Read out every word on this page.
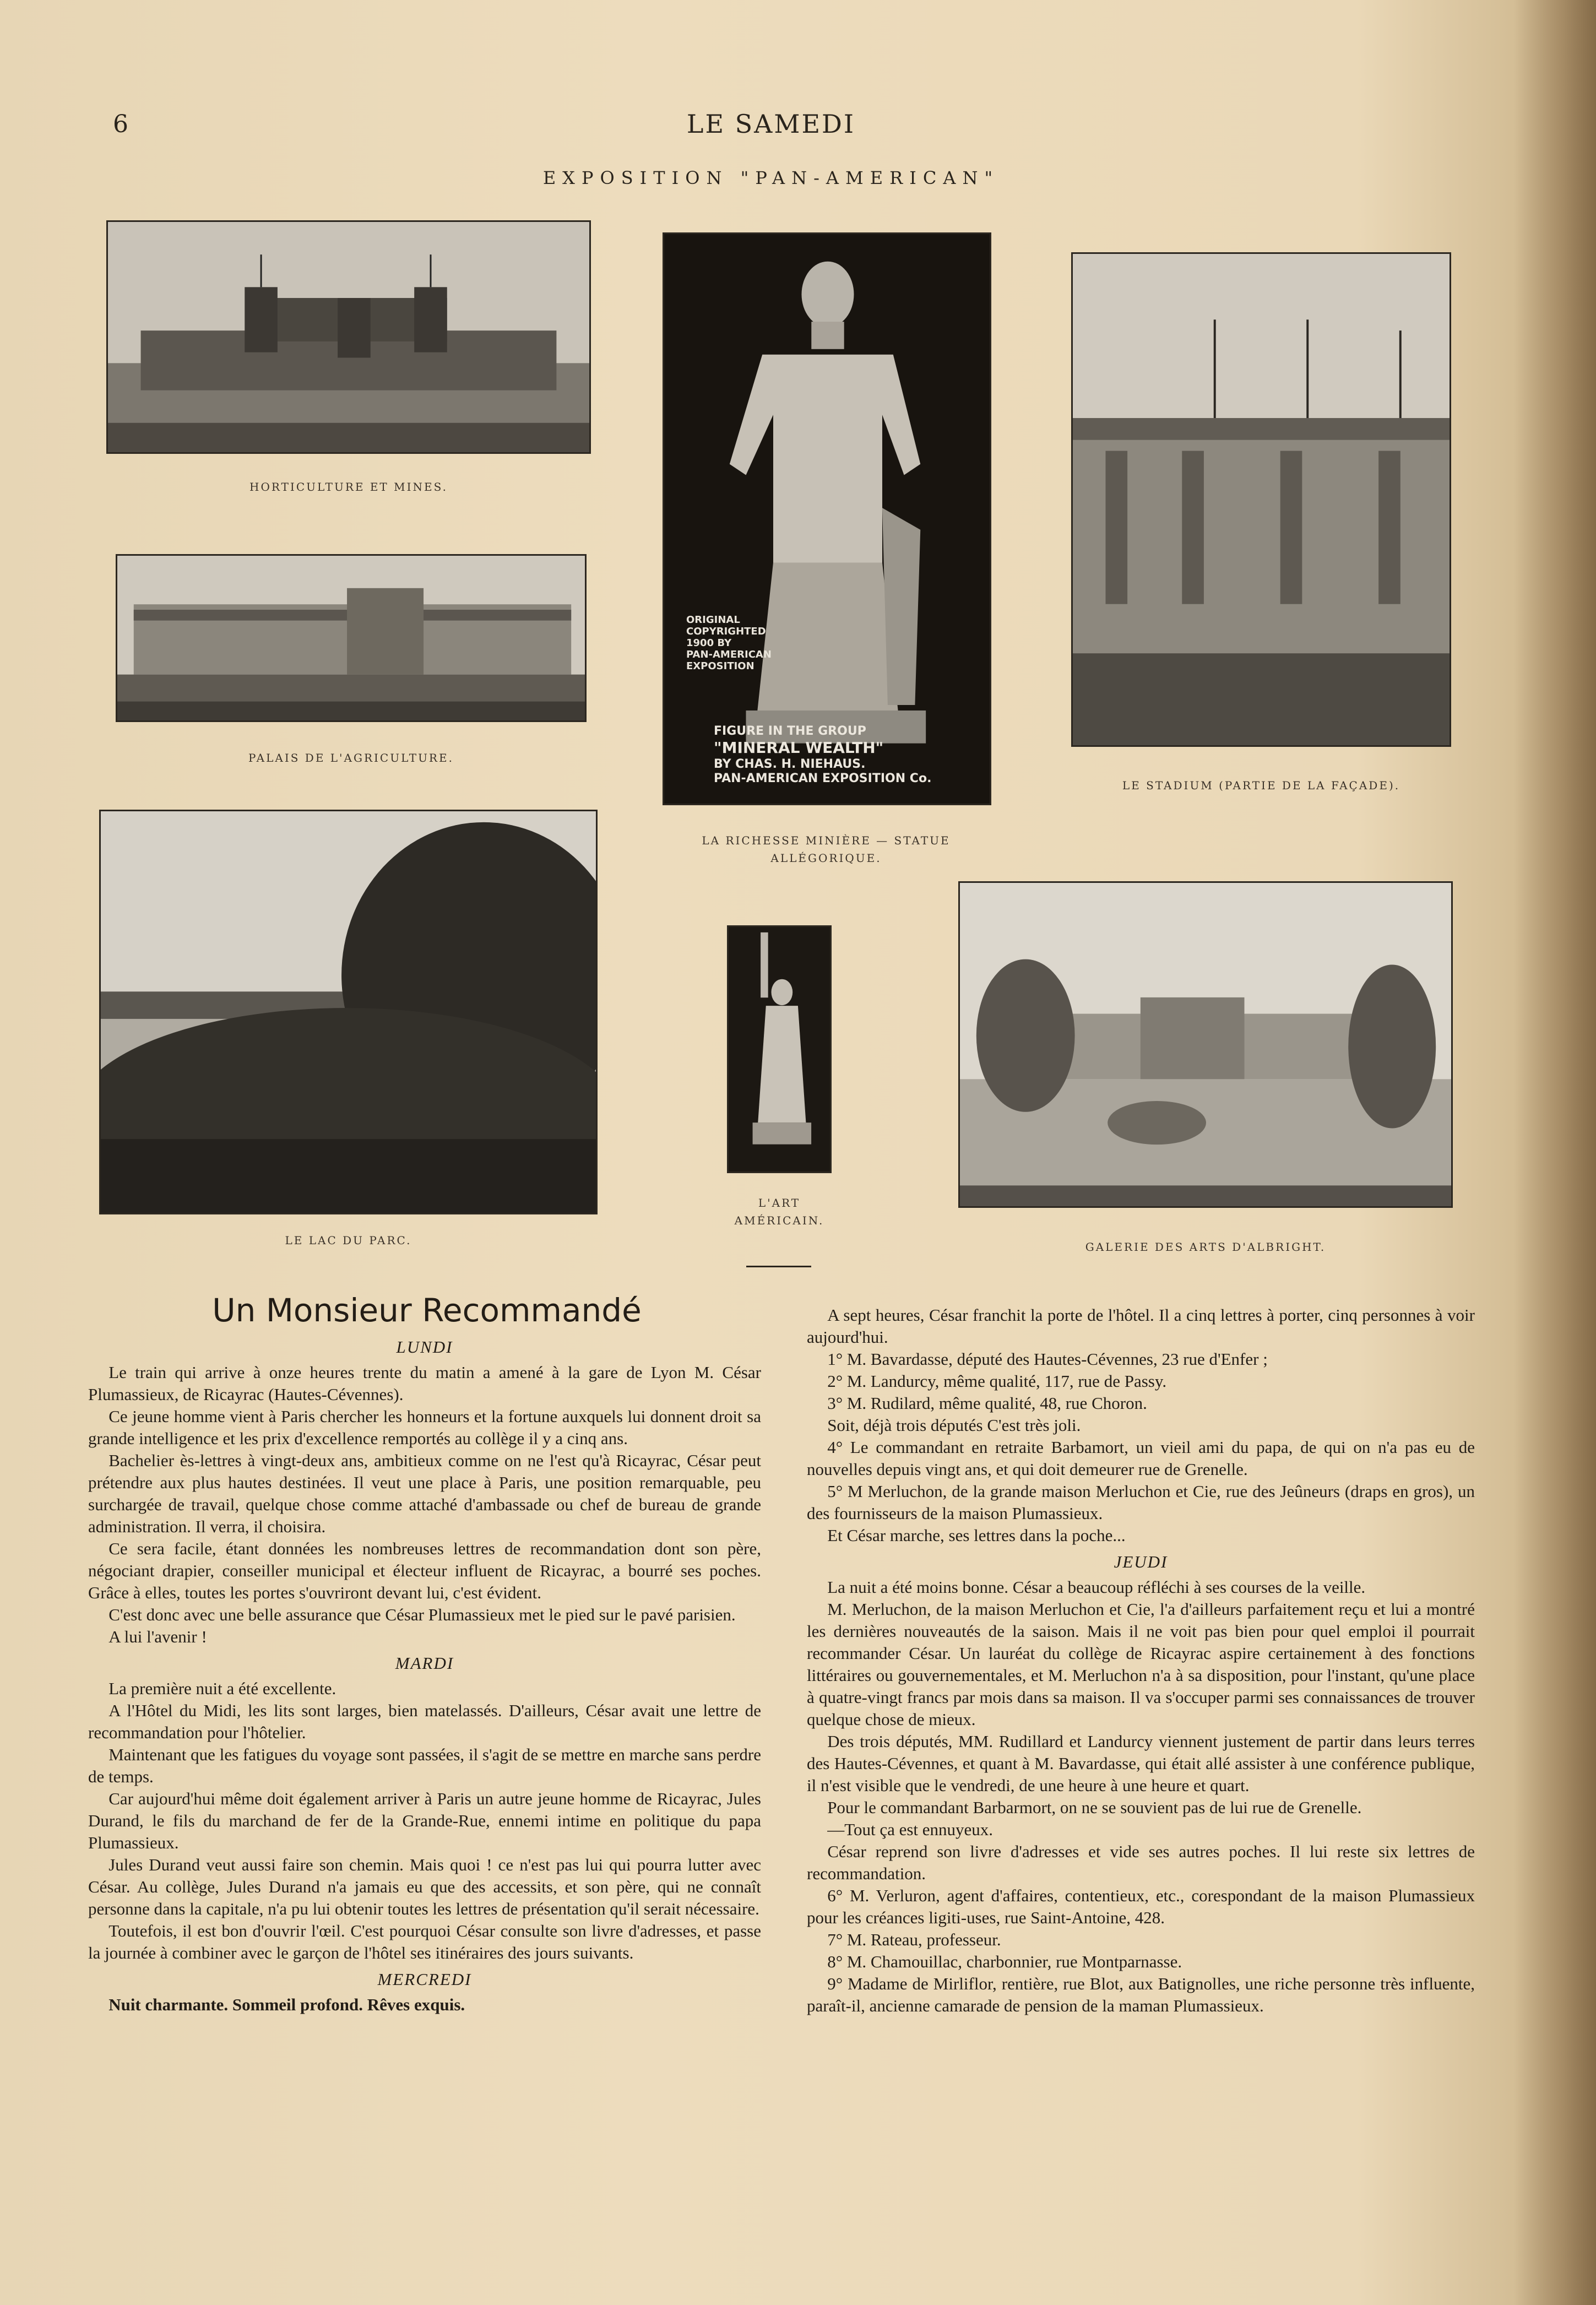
6	LE SAMEDI
EXPOSITION "PAN-AMERICAN"
HORTICULTURE ET MINES.
PALAIS DE L'AGRICULTURE.
ORIGINAL
COPYRIGHTED
1900 BY
PAN-AMERICAN
EXPOSITION
FIGURE IN THE GROUP
"MINERAL WEALTH"
BY CHAS. H. NIEHAUS.
PAN-AMERICAN EXPOSITION Co.
LA RICHESSE MINIÈRE — STATUE ALLÉGORIQUE.
LE STADIUM (PARTIE DE LA FAÇADE).
LE LAC DU PARC.
L'ART AMÉRICAIN.
GALERIE DES ARTS D'ALBRIGHT.
Un Monsieur Recommandé

LUNDI

Le train qui arrive à onze heures trente du matin a amené à la gare de Lyon M. César Plumassieux, de Ricayrac (Hautes-Cévennes).

Ce jeune homme vient à Paris chercher les honneurs et la fortune auxquels lui donnent droit sa grande intelligence et les prix d'excellence remportés au collège il y a cinq ans.

Bachelier ès-lettres à vingt-deux ans, ambitieux comme on ne l'est qu'à Ricayrac, César peut prétendre aux plus hautes destinées. Il veut une place à Paris, une position remarquable, peu surchargée de travail, quelque chose comme attaché d'ambassade ou chef de bureau de grande administration. Il verra, il choisira.

Ce sera facile, étant données les nombreuses lettres de recommandation dont son père, négociant drapier, conseiller municipal et électeur influent de Ricayrac, a bourré ses poches. Grâce à elles, toutes les portes s'ouvriront devant lui, c'est évident.

C'est donc avec une belle assurance que César Plumassieux met le pied sur le pavé parisien.

A lui l'avenir !

MARDI

La première nuit a été excellente.

A l'Hôtel du Midi, les lits sont larges, bien matelassés. D'ailleurs, César avait une lettre de recommandation pour l'hôtelier.

Maintenant que les fatigues du voyage sont passées, il s'agit de se mettre en marche sans perdre de temps.

Car aujourd'hui même doit également arriver à Paris un autre jeune homme de Ricayrac, Jules Durand, le fils du marchand de fer de la Grande-Rue, ennemi intime en politique du papa Plumassieux.

Jules Durand veut aussi faire son chemin. Mais quoi ! ce n'est pas lui qui pourra lutter avec César. Au collège, Jules Durand n'a jamais eu que des accessits, et son père, qui ne connaît personne dans la capitale, n'a pu lui obtenir toutes les lettres de présentation qu'il serait nécessaire.

Toutefois, il est bon d'ouvrir l'œil. C'est pourquoi César consulte son livre d'adresses, et passe la journée à combiner avec le garçon de l'hôtel ses itinéraires des jours suivants.

MERCREDI

Nuit charmante. Sommeil profond. Rêves exquis.

A sept heures, César franchit la porte de l'hôtel. Il a cinq lettres à porter, cinq personnes à voir aujourd'hui.

1° M. Bavardasse, député des Hautes-Cévennes, 23 rue d'Enfer ;

2° M. Landurcy, même qualité, 117, rue de Passy.

3° M. Rudilard, même qualité, 48, rue Choron.

Soit, déjà trois députés C'est très joli.

4° Le commandant en retraite Barbamort, un vieil ami du papa, de qui on n'a pas eu de nouvelles depuis vingt ans, et qui doit demeurer rue de Grenelle.

5° M Merluchon, de la grande maison Merluchon et Cie, rue des Jeûneurs (draps en gros), un des fournisseurs de la maison Plumassieux.

Et César marche, ses lettres dans la poche...

JEUDI

La nuit a été moins bonne. César a beaucoup réfléchi à ses courses de la veille.

M. Merluchon, de la maison Merluchon et Cie, l'a d'ailleurs parfaitement reçu et lui a montré les dernières nouveautés de la saison. Mais il ne voit pas bien pour quel emploi il pourrait recommander César. Un lauréat du collège de Ricayrac aspire certainement à des fonctions littéraires ou gouvernementales, et M. Merluchon n'a à sa disposition, pour l'instant, qu'une place à quatre-vingt francs par mois dans sa maison. Il va s'occuper parmi ses connaissances de trouver quelque chose de mieux.

Des trois députés, MM. Rudillard et Landurcy viennent justement de partir dans leurs terres des Hautes-Cévennes, et quant à M. Bavardasse, qui était allé assister à une conférence publique, il n'est visible que le vendredi, de une heure à une heure et quart.

Pour le commandant Barbarmort, on ne se souvient pas de lui rue de Grenelle.

—Tout ça est ennuyeux.

César reprend son livre d'adresses et vide ses autres poches. Il lui reste six lettres de recommandation.

6° M. Verluron, agent d'affaires, contentieux, etc., corespondant de la maison Plumassieux pour les créances ligiti-uses, rue Saint-Antoine, 428.

7° M. Rateau, professeur.

8° M. Chamouillac, charbonnier, rue Montparnasse.

9° Madame de Mirliflor, rentière, rue Blot, aux Batignolles, une riche personne très influente, paraît-il, ancienne camarade de pension de la maman Plumassieux.
